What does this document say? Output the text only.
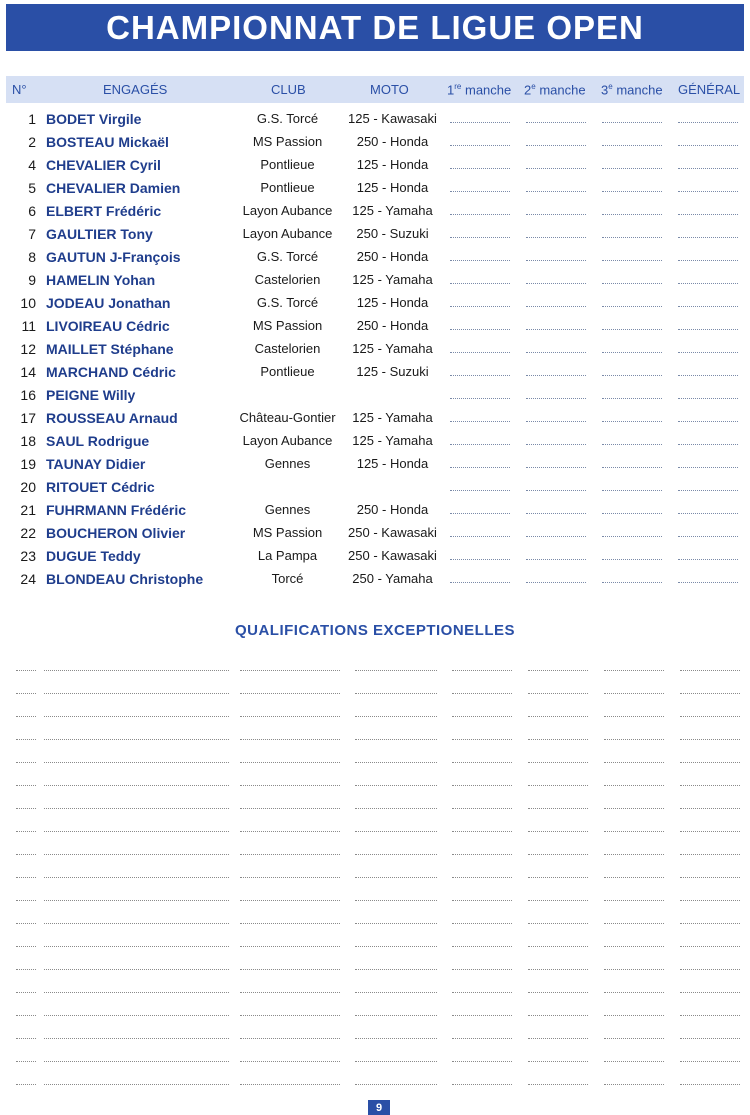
CHAMPIONNAT DE LIGUE OPEN
N°	ENGAGÉS	CLUB	MOTO	1re manche 2e manche 3e manche GÉNÉRAL
1 BODET Virgile	G.S. Torcé	125 - Kawasaki
2 BOSTEAU Mickaël	MS Passion	250 - Honda
4 CHEVALIER Cyril	Pontlieue	125 - Honda
5 CHEVALIER Damien	Pontlieue	125 - Honda
6 ELBERT Frédéric	Layon Aubance	125 - Yamaha
7 GAULTIER Tony	Layon Aubance	250 - Suzuki
8 GAUTUN J-François	G.S. Torcé	250 - Honda
9 HAMELIN Yohan	Castelorien	125 - Yamaha
10 JODEAU Jonathan	G.S. Torcé	125 - Honda
11 LIVOIREAU Cédric	MS Passion	250 - Honda
12 MAILLET Stéphane	Castelorien	125 - Yamaha
14 MARCHAND Cédric	Pontlieue	125 - Suzuki
16 PEIGNE Willy
17 ROUSSEAU Arnaud	Château-Gontier	125 - Yamaha
18 SAUL Rodrigue	Layon Aubance	125 - Yamaha
19 TAUNAY Didier	Gennes	125 - Honda
20 RITOUET Cédric
21 FUHRMANN Frédéric	Gennes	250 - Honda
22 BOUCHERON Olivier	MS Passion	250 - Kawasaki
23 DUGUE Teddy	La Pampa	250 - Kawasaki
24 BLONDEAU Christophe	Torcé	250 - Yamaha
QUALIFICATIONS EXCEPTIONELLES
9
